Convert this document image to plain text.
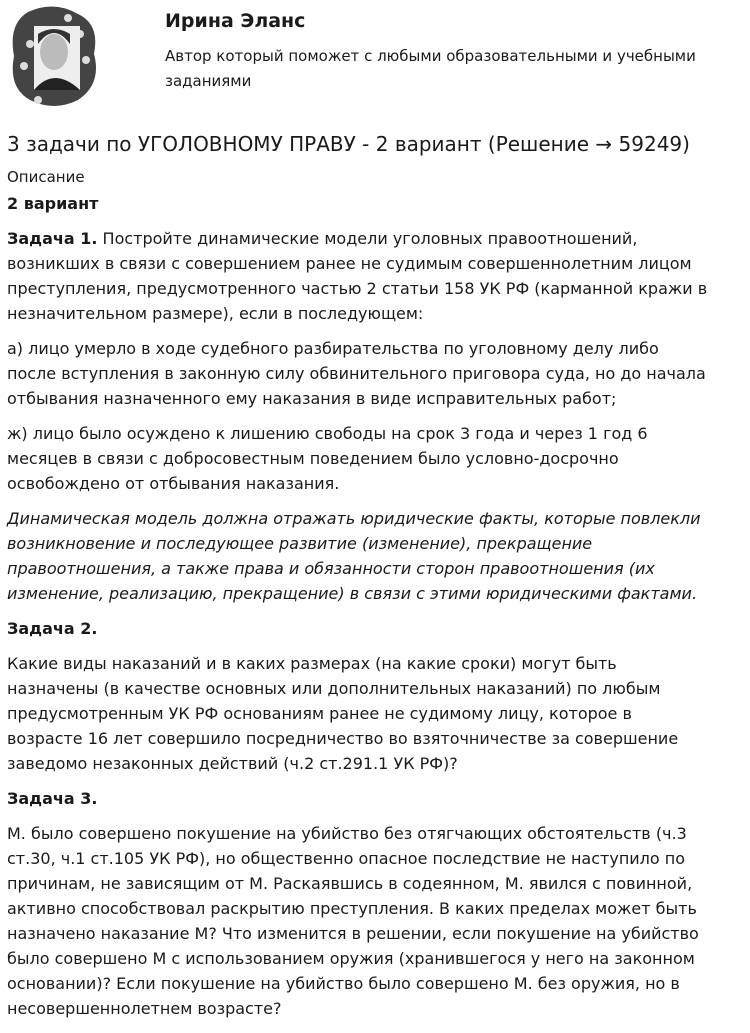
Ирина Эланс
Автор который поможет с любыми образовательными и учебными заданиями
3 задачи по УГОЛОВНОМУ ПРАВУ - 2 вариант (Решение → 59249)
Описание
2 вариант
Задача 1. Постройте динамические модели уголовных правоотношений,
возникших в связи с совершением ранее не судимым совершеннолетним лицом
преступления, предусмотренного частью 2 статьи 158 УК РФ (карманной кражи в
незначительном размере), если в последующем:
а) лицо умерло в ходе судебного разбирательства по уголовному делу либо
после вступления в законную силу обвинительного приговора суда, но до начала
отбывания назначенного ему наказания в виде исправительных работ;
ж) лицо было осуждено к лишению свободы на срок 3 года и через 1 год 6
месяцев в связи с добросовестным поведением было условно-досрочно
освобождено от отбывания наказания.
Динамическая модель должна отражать юридические факты, которые повлекли
возникновение и последующее развитие (изменение), прекращение
правоотношения, а также права и обязанности сторон правоотношения (их
изменение, реализацию, прекращение) в связи с этими юридическими фактами.
Задача 2.
Какие виды наказаний и в каких размерах (на какие сроки) могут быть
назначены (в качестве основных или дополнительных наказаний) по любым
предусмотренным УК РФ основаниям ранее не судимому лицу, которое в
возрасте 16 лет совершило посредничество во взяточничестве за совершение
заведомо незаконных действий (ч.2 ст.291.1 УК РФ)?
Задача 3.
М. было совершено покушение на убийство без отягчающих обстоятельств (ч.3
ст.30, ч.1 ст.105 УК РФ), но общественно опасное последствие не наступило по
причинам, не зависящим от М. Раскаявшись в содеянном, М. явился с повинной,
активно способствовал раскрытию преступления. В каких пределах может быть
назначено наказание М? Что изменится в решении, если покушение на убийство
было совершено М с использованием оружия (хранившегося у него на законном
основании)? Если покушение на убийство было совершено М. без оружия, но в
несовершеннолетнем возрасте?
